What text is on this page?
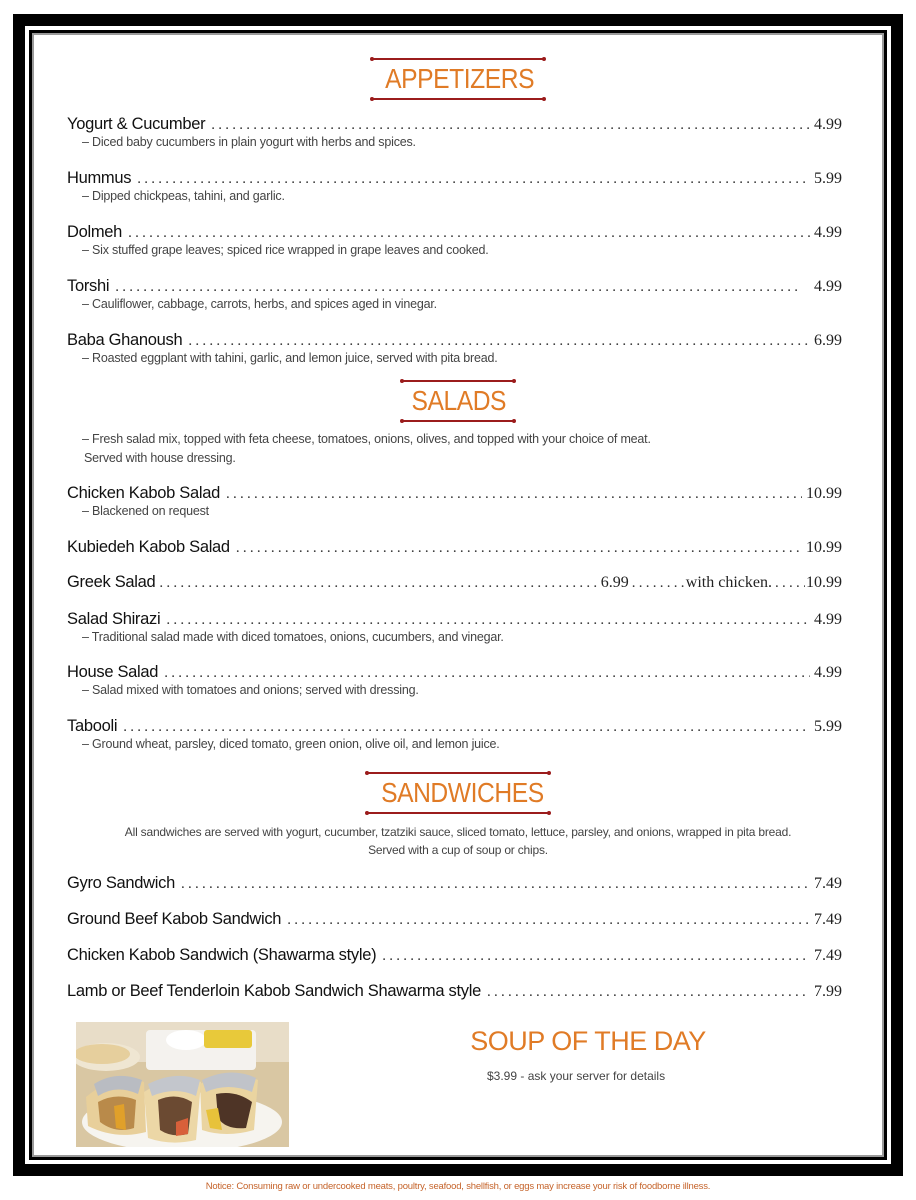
APPETIZERS
Yogurt & Cucumber . . .	4.99
– Diced baby cucumbers in plain yogurt with herbs and spices.
Hummus . . .	5.99
– Dipped chickpeas, tahini, and garlic.
Dolmeh . . .	4.99
– Six stuffed grape leaves; spiced rice wrapped in grape leaves and cooked.
Torshi . . .	4.99
– Cauliflower, cabbage, carrots, herbs, and spices aged in vinegar.
Baba Ghanoush . . .	6.99
– Roasted eggplant with tahini, garlic, and lemon juice, served with pita bread.
SALADS
– Fresh salad mix, topped with feta cheese, tomatoes, onions, olives, and topped with your choice of meat.
Served with house dressing.
Chicken Kabob Salad . . .	10.99
– Blackened on request
Kubiedeh Kabob Salad . . .	10.99
Greek Salad . . .	6.99 . . .	with chicken. . . . 10.99
Salad Shirazi . . .	4.99
– Traditional salad made with diced tomatoes, onions, cucumbers, and vinegar.
House Salad . . .	4.99
– Salad mixed with tomatoes and onions; served with dressing.
Tabooli . . .	5.99
– Ground wheat, parsley, diced tomato, green onion, olive oil, and lemon juice.
SANDWICHES
All sandwiches are served with yogurt, cucumber, tzatziki sauce, sliced tomato, lettuce, parsley, and onions, wrapped in pita bread.
Served with a cup of soup or chips.
Gyro Sandwich . . .	7.49
Ground Beef Kabob Sandwich . . .	7.49
Chicken Kabob Sandwich (Shawarma style) . . .	7.49
Lamb or Beef Tenderloin Kabob Sandwich Shawarma style . . .	7.99
SOUP OF THE DAY
$3.99 - ask your server for details
Notice: Consuming raw or undercooked meats, poultry, seafood, shellfish, or eggs may increase your risk of foodborne illness.
